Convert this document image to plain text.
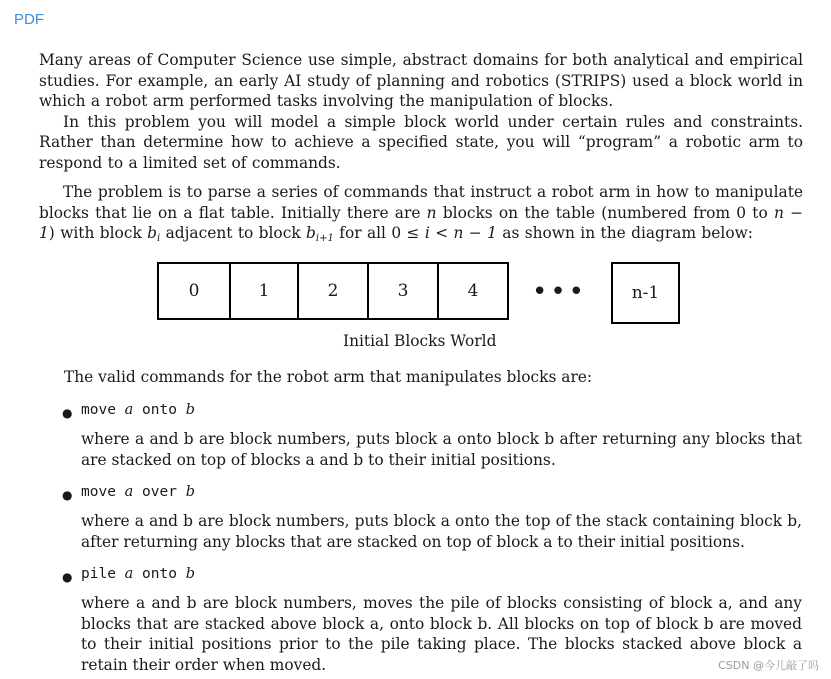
PDF

Many areas of Computer Science use simple, abstract domains for both analytical and empirical studies. For example, an early AI study of planning and robotics (STRIPS) used a block world in which a robot arm performed tasks involving the manipulation of blocks.

In this problem you will model a simple block world under certain rules and constraints. Rather than determine how to achieve a specified state, you will “program” a robotic arm to respond to a limited set of commands.

The problem is to parse a series of commands that instruct a robot arm in how to manipulate blocks that lie on a flat table. Initially there are n blocks on the table (numbered from 0 to n − 1) with block $b_i$ adjacent to block $b_{i+1}$ for all 0 ≤ i < n − 1 as shown in the diagram below:

0	1	2	3	4	•••	n-1
Initial Blocks World
The valid commands for the robot arm that manipulates blocks are:
● move a onto b
where a and b are block numbers, puts block a onto block b after returning any blocks that are stacked on top of blocks a and b to their initial positions.
● move a over b
where a and b are block numbers, puts block a onto the top of the stack containing block b, after returning any blocks that are stacked on top of block a to their initial positions.
● pile a onto b
where a and b are block numbers, moves the pile of blocks consisting of block a, and any blocks that are stacked above block a, onto block b. All blocks on top of block b are moved to their initial positions prior to the pile taking place. The blocks stacked above block a retain their order when moved.	CSDN @今儿敲了吗
